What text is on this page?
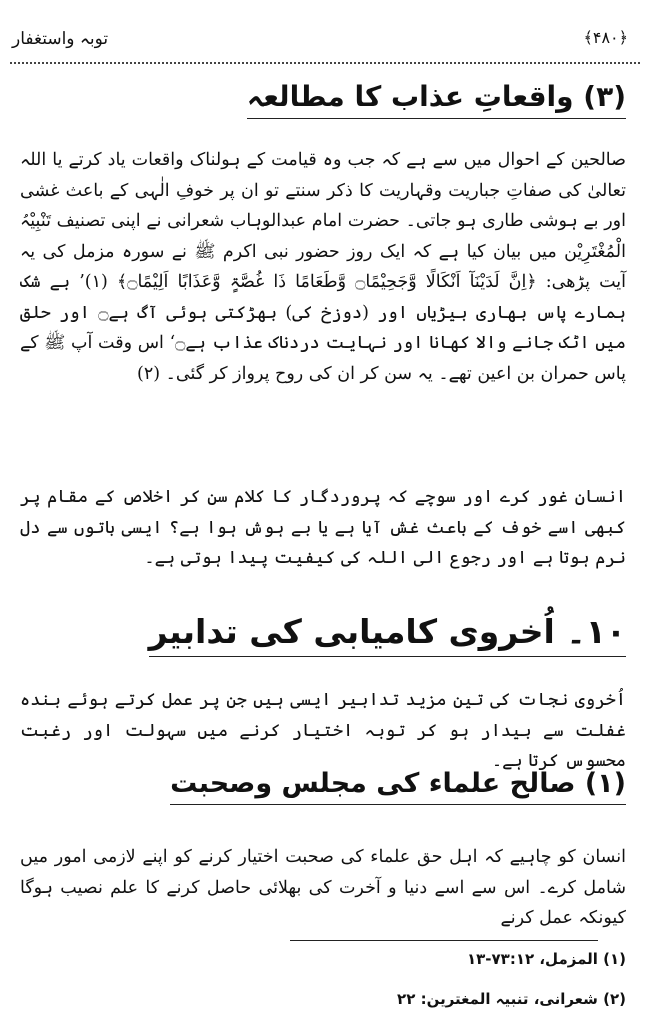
﴿۴۸۰﴾
توبہ واستغفار
(۳) واقعاتِ عذاب کا مطالعہ

صالحین کے احوال میں سے ہے کہ جب وہ قیامت کے ہولناک واقعات یاد کرتے یا اللہ تعالیٰ کی صفاتِ جباریت وقہاریت کا ذکر سنتے تو ان پر خوفِ الٰہی کے باعث غشی اور بے ہوشی طاری ہو جاتی۔ حضرت امام عبدالوہاب شعرانی نے اپنی تصنیف تَنْبِیْہُ الْمُغْتَرِیْن میں بیان کیا ہے کہ ایک روز حضور نبی اکرم ﷺ نے سورہ مزمل کی یہ آیت پڑھی: ﴿اِنَّ لَدَیْنَآ اَنْکَالًا وَّجَحِیْمًا۝ وَّطَعَامًا ذَا غُصَّۃٍ وَّعَذَابًا اَلِیْمًا۝﴾ (۱)’ بے شک ہمارے پاس بھاری بیڑیاں اور (دوزخ کی) بھڑکتی ہوئی آگ ہے۝ اور حلق میں اٹک جانے والا کھانا اور نہایت دردناک عذاب ہے۝‘ اس وقت آپ ﷺ کے پاس حمران بن اعین تھے۔ یہ سن کر ان کی روح پرواز کر گئی۔ (۲)

انسان غور کرے اور سوچے کہ پروردگار کا کلام سن کر اخلاص کے مقام پر کبھی اسے خوف کے باعث غش آیا ہے یا بے ہوش ہوا ہے؟ ایسی باتوں سے دل نرم ہوتا ہے اور رجوع الی اللہ کی کیفیت پیدا ہوتی ہے۔

۱۰۔ اُخروی کامیابی کی تدابیر

اُخروی نجات کی تین مزید تدابیر ایسی ہیں جن پر عمل کرتے ہوئے بندہ غفلت سے بیدار ہو کر توبہ اختیار کرنے میں سہولت اور رغبت محسوس کرتا ہے۔

(۱) صالح علماء کی مجلس وصحبت

انسان کو چاہیے کہ اہل حق علماء کی صحبت اختیار کرنے کو اپنے لازمی امور میں شامل کرے۔ اس سے اسے دنیا و آخرت کی بھلائی حاصل کرنے کا علم نصیب ہوگا کیونکہ عمل کرنے

(۱) المزمل، ۷۳:۱۲-۱۳
(۲) شعرانی، تنبیہ المغترین: ۲۲
